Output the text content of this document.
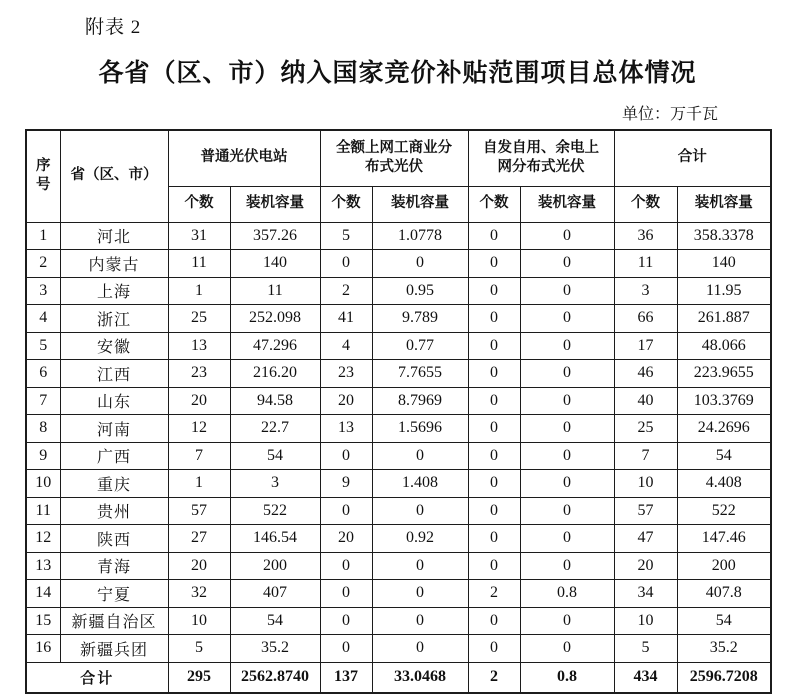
附表 2
各省（区、市）纳入国家竞价补贴范围项目总体情况
单位：万千瓦
序号	省（区、市）	普通光伏电站		全额上网工商业分布式光伏		自发自用、余电上网分布式光伏		合计	
		个数	装机容量	个数	装机容量	个数	装机容量	个数	装机容量
1	河北	31	357.26	5	1.0778	0	0	36	358.3378
2	内蒙古	11	140	0	0	0	0	11	140
3	上海	1	11	2	0.95	0	0	3	11.95
4	浙江	25	252.098	41	9.789	0	0	66	261.887
5	安徽	13	47.296	4	0.77	0	0	17	48.066
6	江西	23	216.20	23	7.7655	0	0	46	223.9655
7	山东	20	94.58	20	8.7969	0	0	40	103.3769
8	河南	12	22.7	13	1.5696	0	0	25	24.2696
9	广西	7	54	0	0	0	0	7	54
10	重庆	1	3	9	1.408	0	0	10	4.408
11	贵州	57	522	0	0	0	0	57	522
12	陕西	27	146.54	20	0.92	0	0	47	147.46
13	青海	20	200	0	0	0	0	20	200
14	宁夏	32	407	0	0	2	0.8	34	407.8
15	新疆自治区	10	54	0	0	0	0	10	54
16	新疆兵团	5	35.2	0	0	0	0	5	35.2
合计		295	2562.8740	137	33.0468	2	0.8	434	2596.7208
